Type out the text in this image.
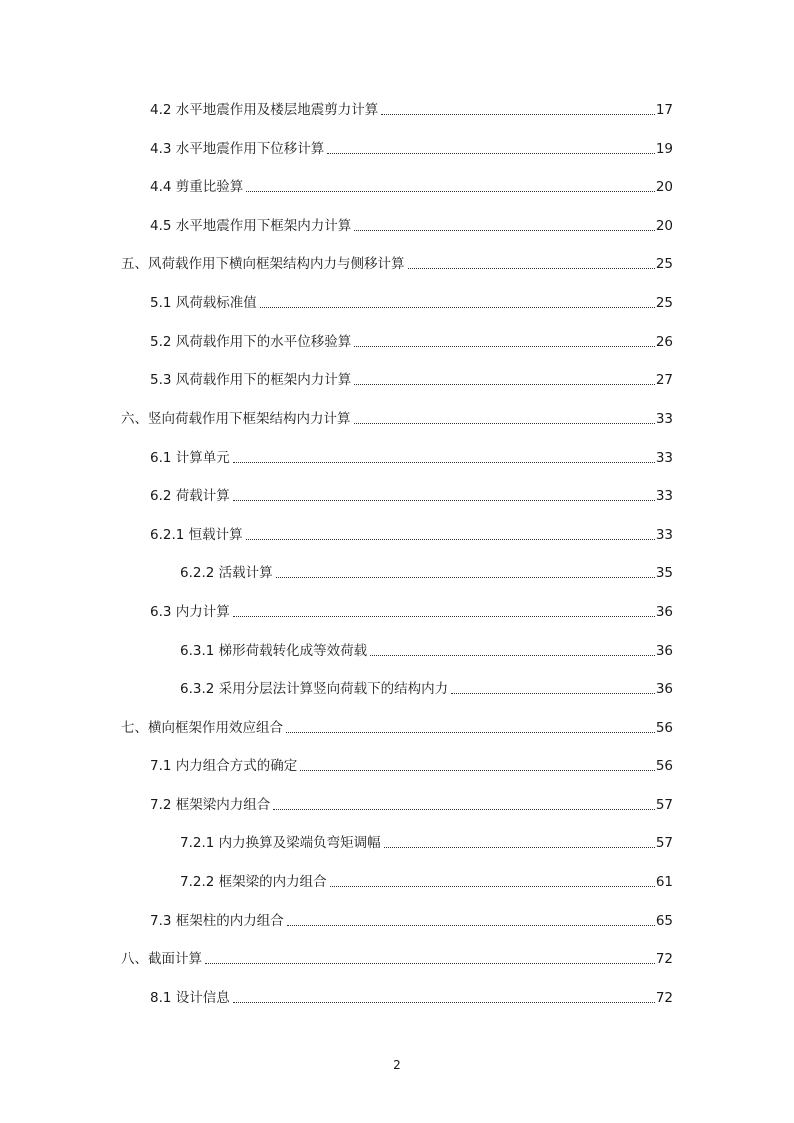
4.2 水平地震作用及楼层地震剪力计算	17
4.3 水平地震作用下位移计算	19
4.4 剪重比验算	20
4.5 水平地震作用下框架内力计算	20
五、风荷载作用下横向框架结构内力与侧移计算	25
5.1 风荷载标准值	25
5.2 风荷载作用下的水平位移验算	26
5.3 风荷载作用下的框架内力计算	27
六、竖向荷载作用下框架结构内力计算	33
6.1 计算单元	33
6.2 荷载计算	33
6.2.1 恒载计算	33
6.2.2 活载计算	35
6.3 内力计算	36
6.3.1 梯形荷载转化成等效荷载	36
6.3.2 采用分层法计算竖向荷载下的结构内力	36
七、横向框架作用效应组合	56
7.1 内力组合方式的确定	56
7.2 框架梁内力组合	57
7.2.1 内力换算及梁端负弯矩调幅	57
7.2.2 框架梁的内力组合	61
7.3 框架柱的内力组合	65
八、截面计算	72
8.1 设计信息	72
2
